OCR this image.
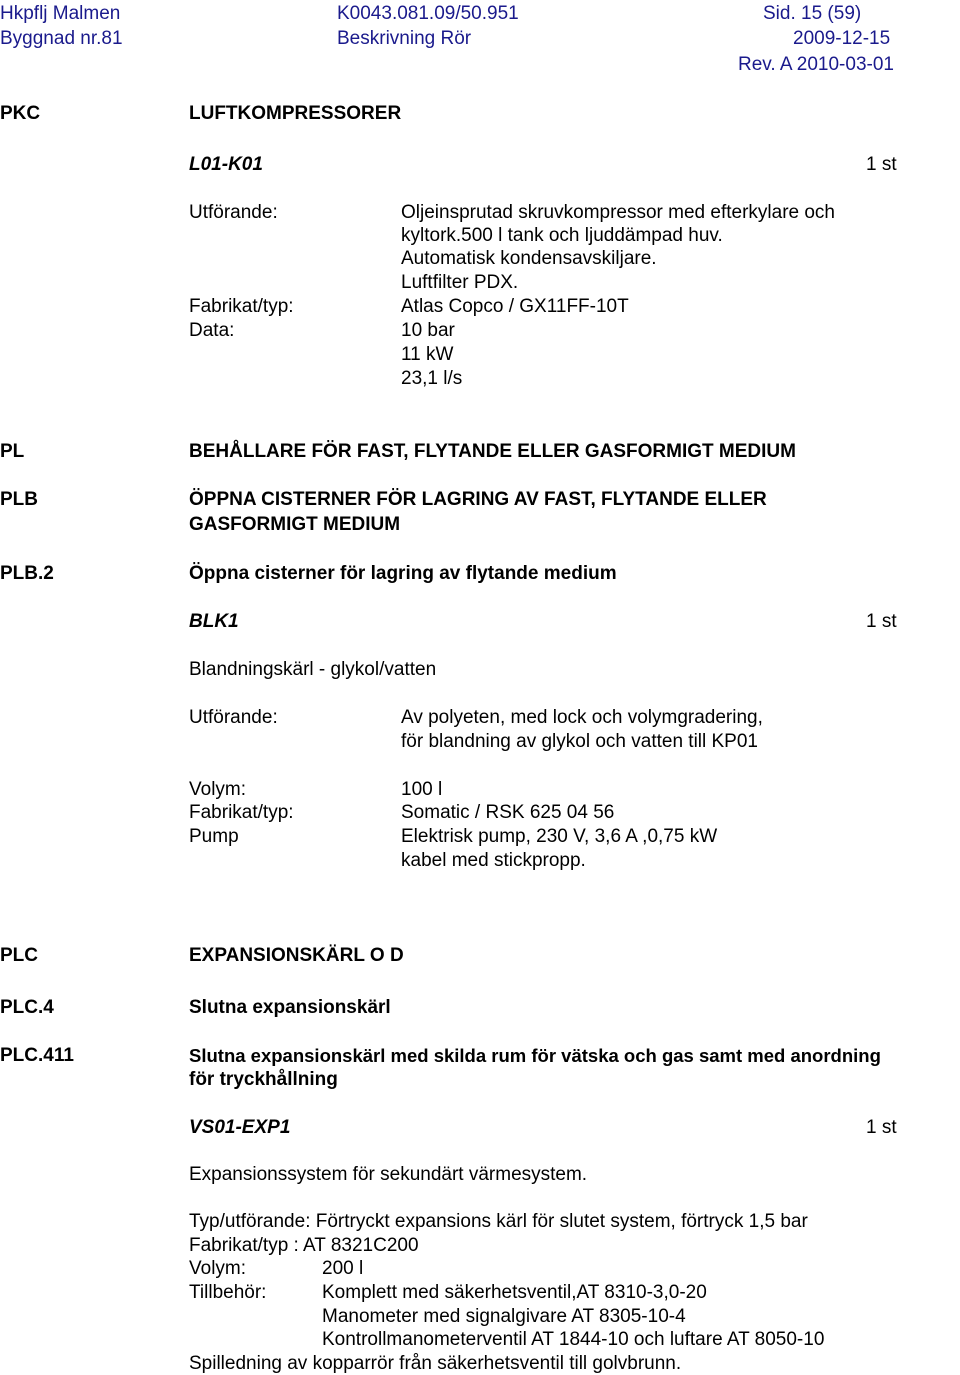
Hkpflj Malmen	K0043.081.09/50.951	Sid. 15 (59)
Byggnad nr.81	Beskrivning Rör	2009-12-15
Rev. A 2010-03-01
PKC	LUFTKOMPRESSORER
L01-K01	1 st
Utförande:	Oljeinsprutad skruvkompressor med efterkylare och
kyltork.500 l tank och ljuddämpad huv.
Automatisk kondensavskiljare.
Luftfilter PDX.
Fabrikat/typ:	Atlas Copco / GX11FF-10T
Data:	10 bar
11 kW
23,1 l/s
PL	BEHÅLLARE FÖR FAST, FLYTANDE ELLER GASFORMIGT MEDIUM
PLB	ÖPPNA CISTERNER FÖR LAGRING AV FAST, FLYTANDE ELLER
GASFORMIGT MEDIUM
PLB.2	Öppna cisterner för lagring av flytande medium
BLK1	1 st
Blandningskärl - glykol/vatten
Utförande:	Av polyeten, med lock och volymgradering,
för blandning av glykol och vatten till KP01
Volym:	100 l
Fabrikat/typ:	Somatic / RSK 625 04 56
Pump	Elektrisk pump, 230 V, 3,6 A ,0,75 kW
kabel med stickpropp.
PLC	EXPANSIONSKÄRL O D
PLC.4	Slutna expansionskärl
PLC.411	Slutna expansionskärl med skilda rum för vätska och gas samt med anordning
för tryckhållning
VS01-EXP1	1 st
Expansionssystem för sekundärt värmesystem.
Typ/utförande: Förtryckt expansions kärl för slutet system, förtryck 1,5 bar
Fabrikat/typ : AT 8321C200
Volym:	200 l
Tillbehör:	Komplett med säkerhetsventil,AT 8310-3,0-20
Manometer med signalgivare AT 8305-10-4
Kontrollmanometerventil AT 1844-10 och luftare AT 8050-10
Spilledning av kopparrör från säkerhetsventil till golvbrunn.
